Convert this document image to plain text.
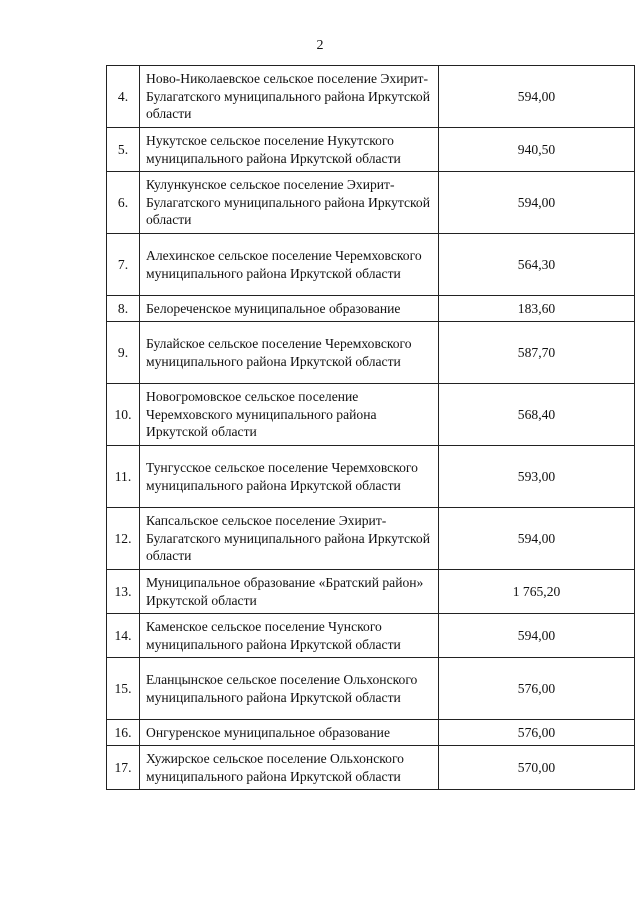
2
4.	Ново-Николаевское сельское поселение Эхирит-Булагатского муниципального района Иркутской области	594,00
5.	Нукутское сельское поселение Нукутского муниципального района Иркутской области	940,50
6.	Кулункунское сельское поселение Эхирит-Булагатского муниципального района Иркутской области	594,00
7.	Алехинское сельское поселение Черемховского муниципального района Иркутской области	564,30
8.	Белореченское муниципальное образование	183,60
9.	Булайское сельское поселение Черемховского муниципального района Иркутской области	587,70
10.	Новогромовское сельское поселение Черемховского муниципального района Иркутской области	568,40
11.	Тунгусское сельское поселение Черемховского муниципального района Иркутской области	593,00
12.	Капсальское сельское поселение Эхирит-Булагатского муниципального района Иркутской области	594,00
13.	Муниципальное образование «Братский район» Иркутской области	1 765,20
14.	Каменское сельское поселение Чунского муниципального района Иркутской области	594,00
15.	Еланцынское сельское поселение Ольхонского муниципального района Иркутской области	576,00
16.	Онгуренское муниципальное образование	576,00
17.	Хужирское сельское поселение Ольхонского муниципального района Иркутской области	570,00
